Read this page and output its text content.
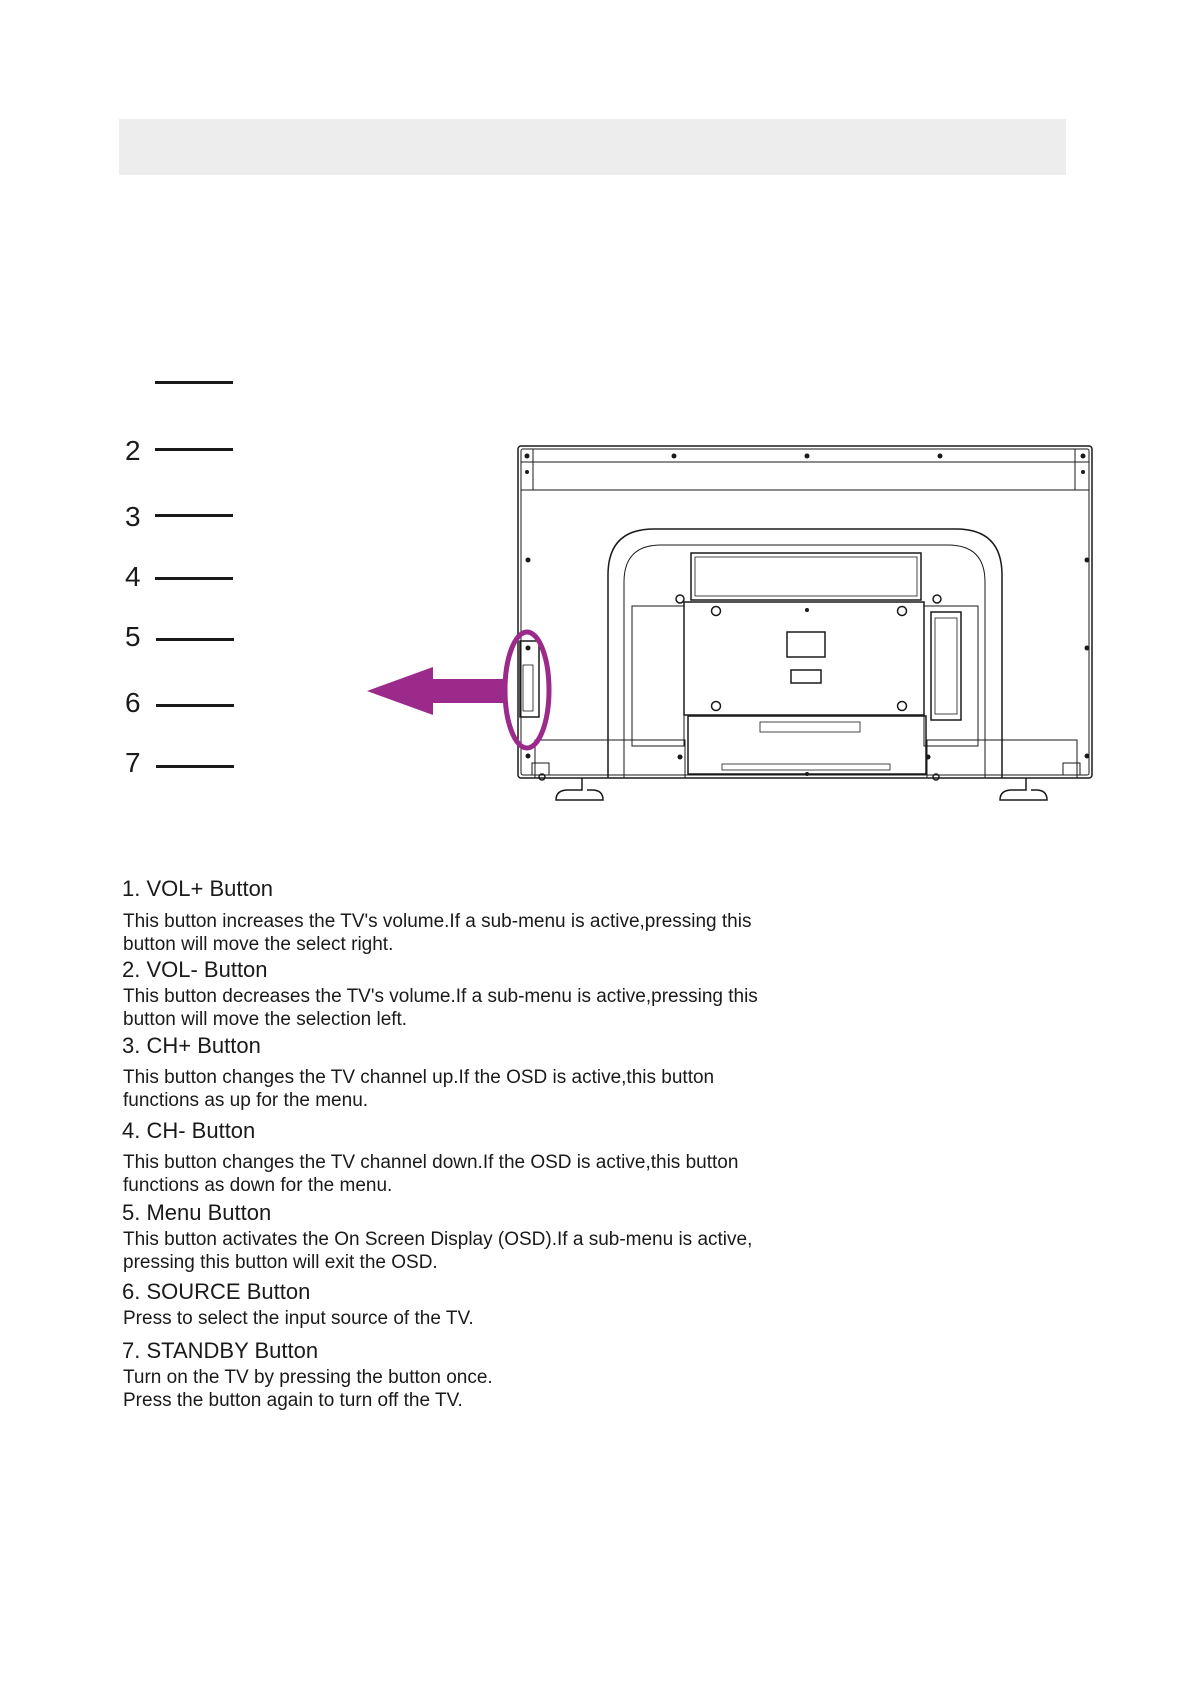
2
3
4
5
6
7

1. VOL+ Button

This button increases the TV's volume.If a sub-menu is active,pressing this
button will move the select right.

2. VOL- Button

This button decreases the TV's volume.If a sub-menu is active,pressing this
button will move the selection left.

3. CH+ Button

This button changes the TV channel up.If the OSD is active,this button
functions as up for the menu.

4. CH- Button

This button changes the TV channel down.If the OSD is active,this button
functions as down for the menu.

5. Menu Button

This button activates the On Screen Display (OSD).If a sub-menu is active,
pressing this button will exit the OSD.

6. SOURCE Button

Press to select the input source of the TV.

7. STANDBY Button

Turn on the TV by pressing the button once.
Press the button again to turn off the TV.
